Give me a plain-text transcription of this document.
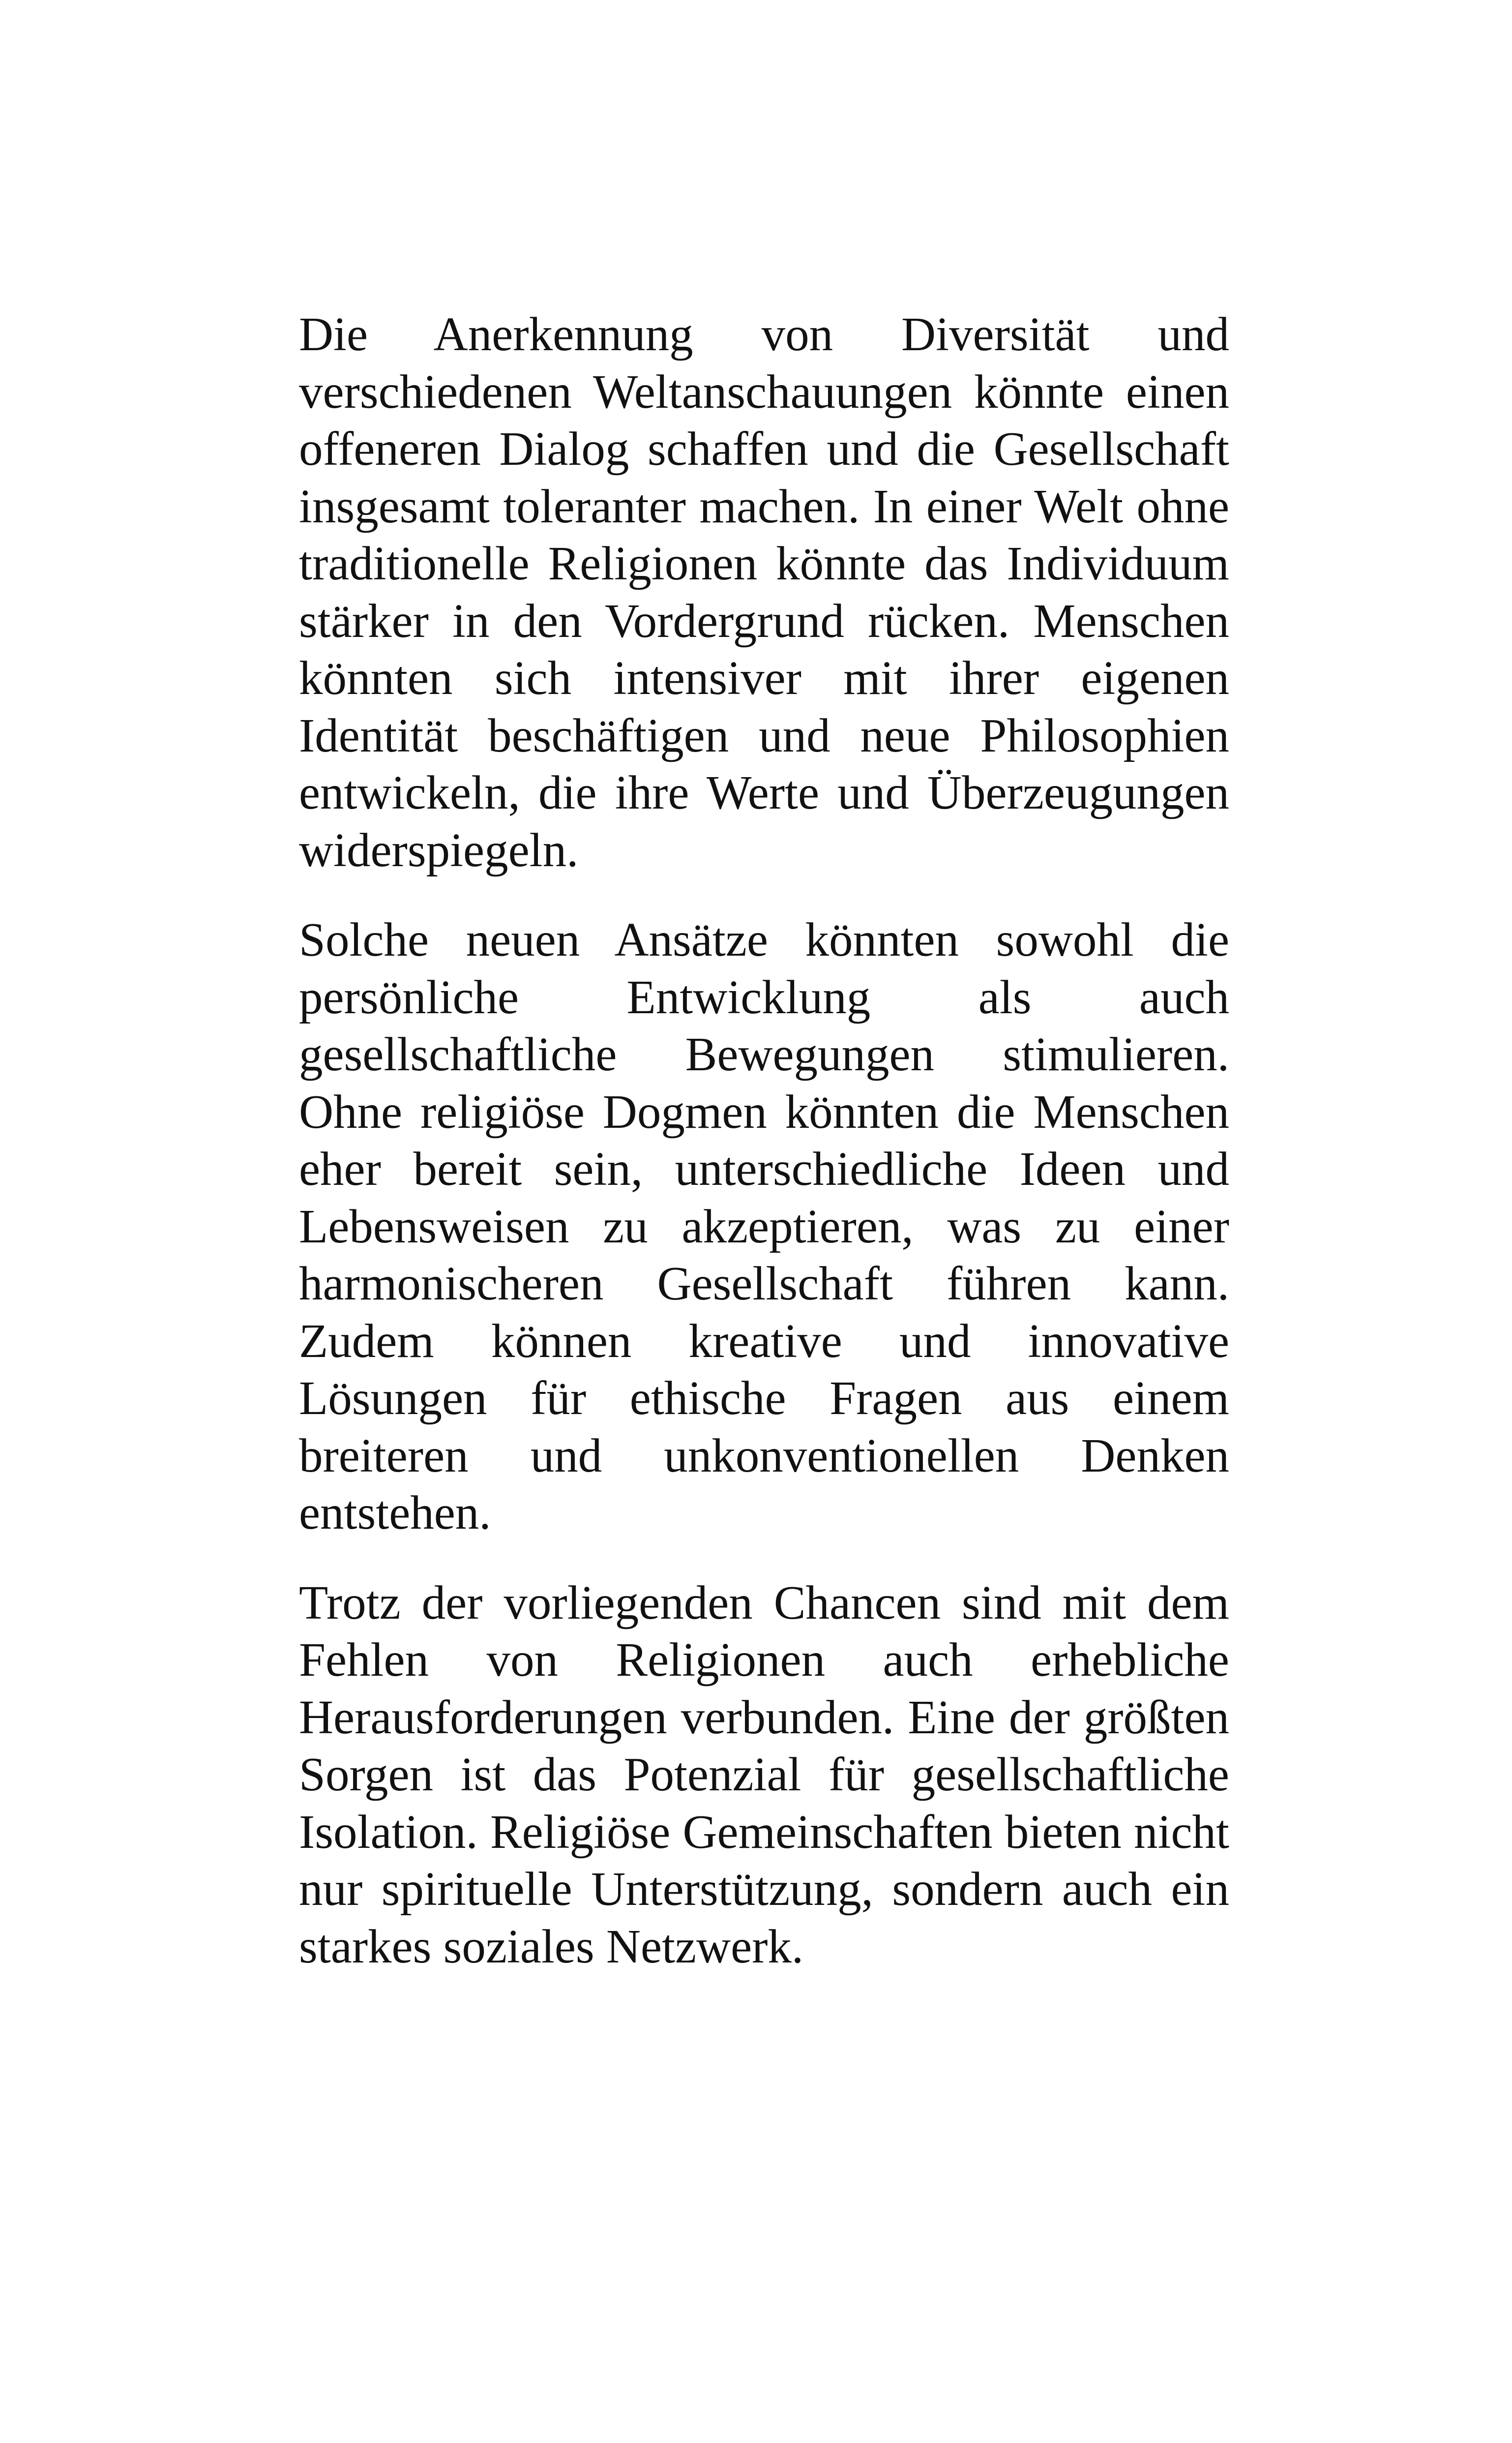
Die Anerkennung von Diversität und verschiedenen Weltanschauungen könnte einen offeneren Dialog schaffen und die Gesellschaft insgesamt toleranter machen. In einer Welt ohne traditionelle Religionen könnte das Individuum stärker in den Vordergrund rücken. Menschen könnten sich intensiver mit ihrer eigenen Identität beschäftigen und neue Philosophien entwickeln, die ihre Werte und Überzeugungen widerspiegeln.

Solche neuen Ansätze könnten sowohl die persönliche Entwicklung als auch gesellschaftliche Bewegungen stimulieren. Ohne religiöse Dogmen könnten die Menschen eher bereit sein, unterschiedliche Ideen und Lebensweisen zu akzeptieren, was zu einer harmonischeren Gesellschaft führen kann. Zudem können kreative und innovative Lösungen für ethische Fragen aus einem breiteren und unkonventionellen Denken entstehen.

Trotz der vorliegenden Chancen sind mit dem Fehlen von Religionen auch erhebliche Herausforderungen verbunden. Eine der größten Sorgen ist das Potenzial für gesellschaftliche Isolation. Religiöse Gemeinschaften bieten nicht nur spirituelle Unterstützung, sondern auch ein starkes soziales Netzwerk.
